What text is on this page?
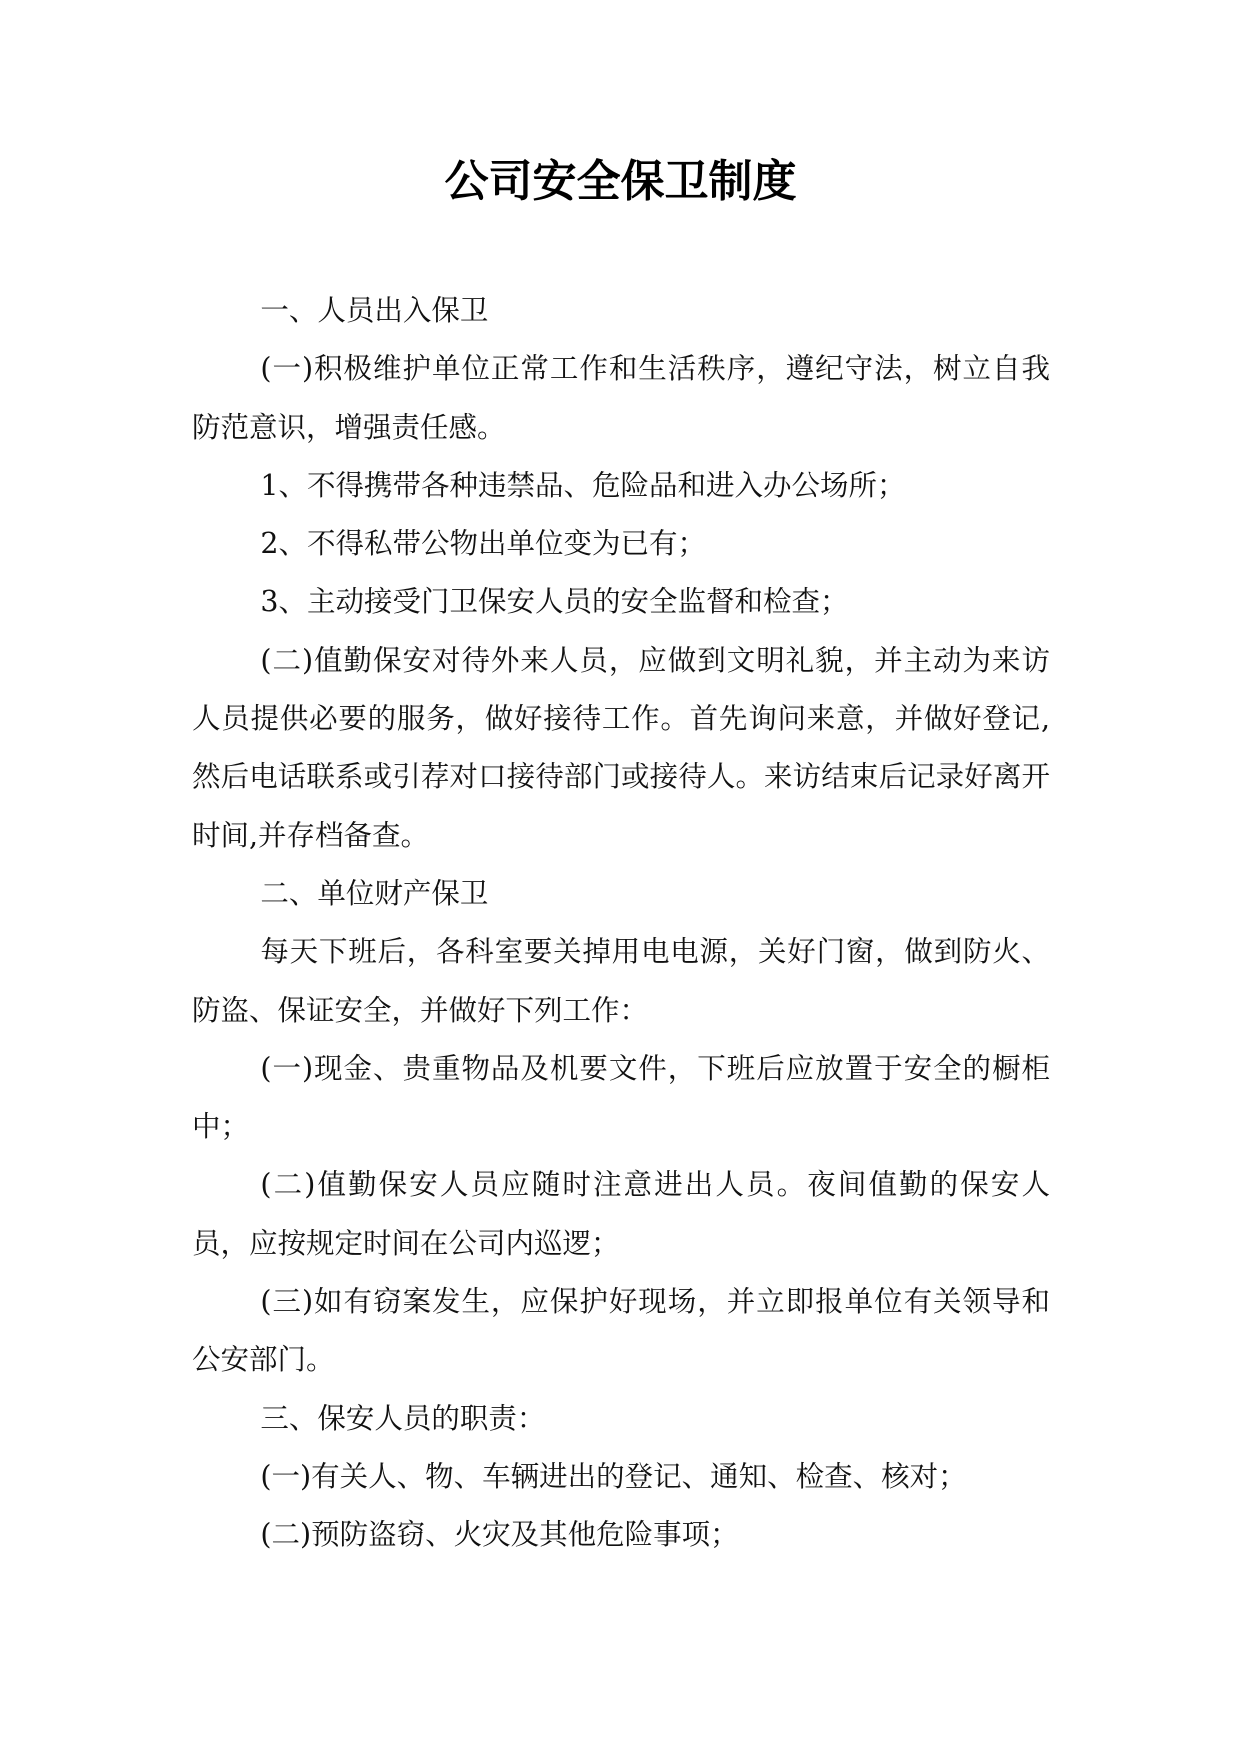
公司安全保卫制度

一、人员出入保卫

(一)积极维护单位正常工作和生活秩序，遵纪守法，树立自我防范意识，增强责任感。

1、不得携带各种违禁品、危险品和进入办公场所；

2、不得私带公物出单位变为已有；

3、主动接受门卫保安人员的安全监督和检查；

(二)值勤保安对待外来人员，应做到文明礼貌，并主动为来访人员提供必要的服务，做好接待工作。首先询问来意，并做好登记,然后电话联系或引荐对口接待部门或接待人。来访结束后记录好离开时间,并存档备查。

二、单位财产保卫

每天下班后，各科室要关掉用电电源，关好门窗，做到防火、防盗、保证安全，并做好下列工作：

(一)现金、贵重物品及机要文件，下班后应放置于安全的橱柜中；

(二)值勤保安人员应随时注意进出人员。夜间值勤的保安人员，应按规定时间在公司内巡逻；

(三)如有窃案发生，应保护好现场，并立即报单位有关领导和公安部门。

三、保安人员的职责：

(一)有关人、物、车辆进出的登记、通知、检查、核对；

(二)预防盗窃、火灾及其他危险事项；
